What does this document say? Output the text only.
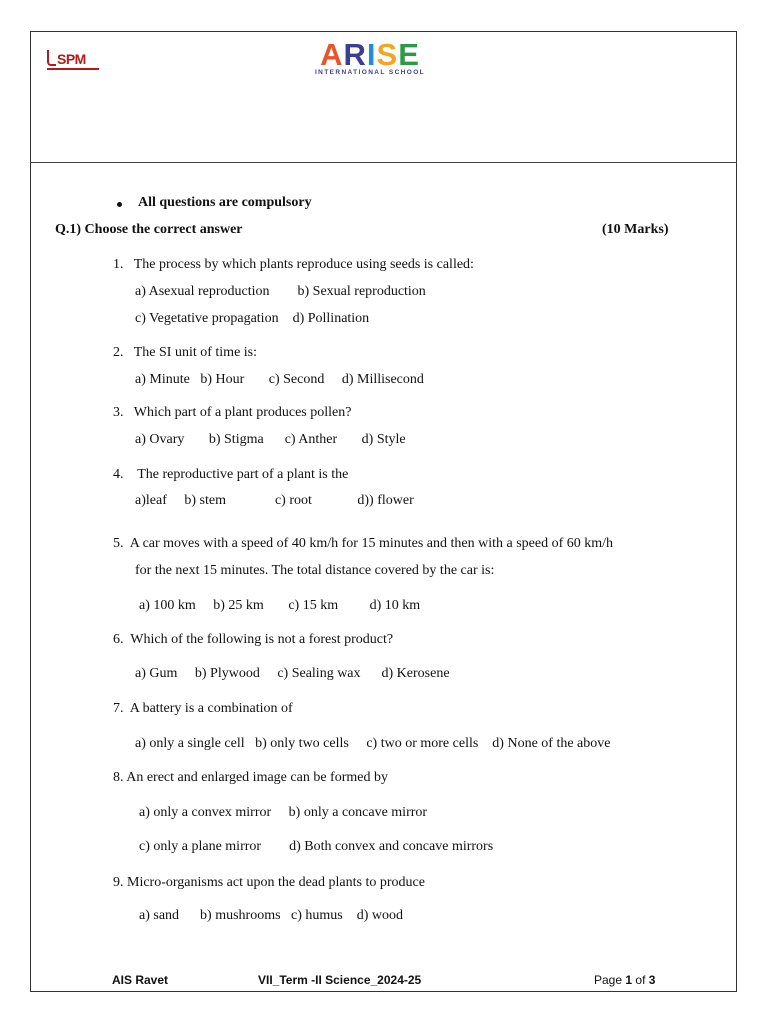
SPM	ARISE
INTERNATIONAL SCHOOL
All questions are compulsory
Q.1) Choose the correct answer	(10 Marks)
1.   The process by which plants reproduce using seeds is called:
a) Asexual reproduction        b) Sexual reproduction
c) Vegetative propagation    d) Pollination
2.   The SI unit of time is:
a) Minute   b) Hour       c) Second     d) Millisecond
3.   Which part of a plant produces pollen?
a) Ovary       b) Stigma      c) Anther       d) Style
4.    The reproductive part of a plant is the
a)leaf     b) stem              c) root             d)) flower
5.  A car moves with a speed of 40 km/h for 15 minutes and then with a speed of 60 km/h
for the next 15 minutes. The total distance covered by the car is:
a) 100 km     b) 25 km       c) 15 km         d) 10 km
6.  Which of the following is not a forest product?
a) Gum     b) Plywood     c) Sealing wax      d) Kerosene
7.  A battery is a combination of
a) only a single cell   b) only two cells     c) two or more cells    d) None of the above
8. An erect and enlarged image can be formed by
a) only a convex mirror     b) only a concave mirror
c) only a plane mirror        d) Both convex and concave mirrors
9. Micro-organisms act upon the dead plants to produce
a) sand      b) mushrooms   c) humus    d) wood
AIS Ravet	VII_Term -II Science_2024-25	Page 1 of 3
